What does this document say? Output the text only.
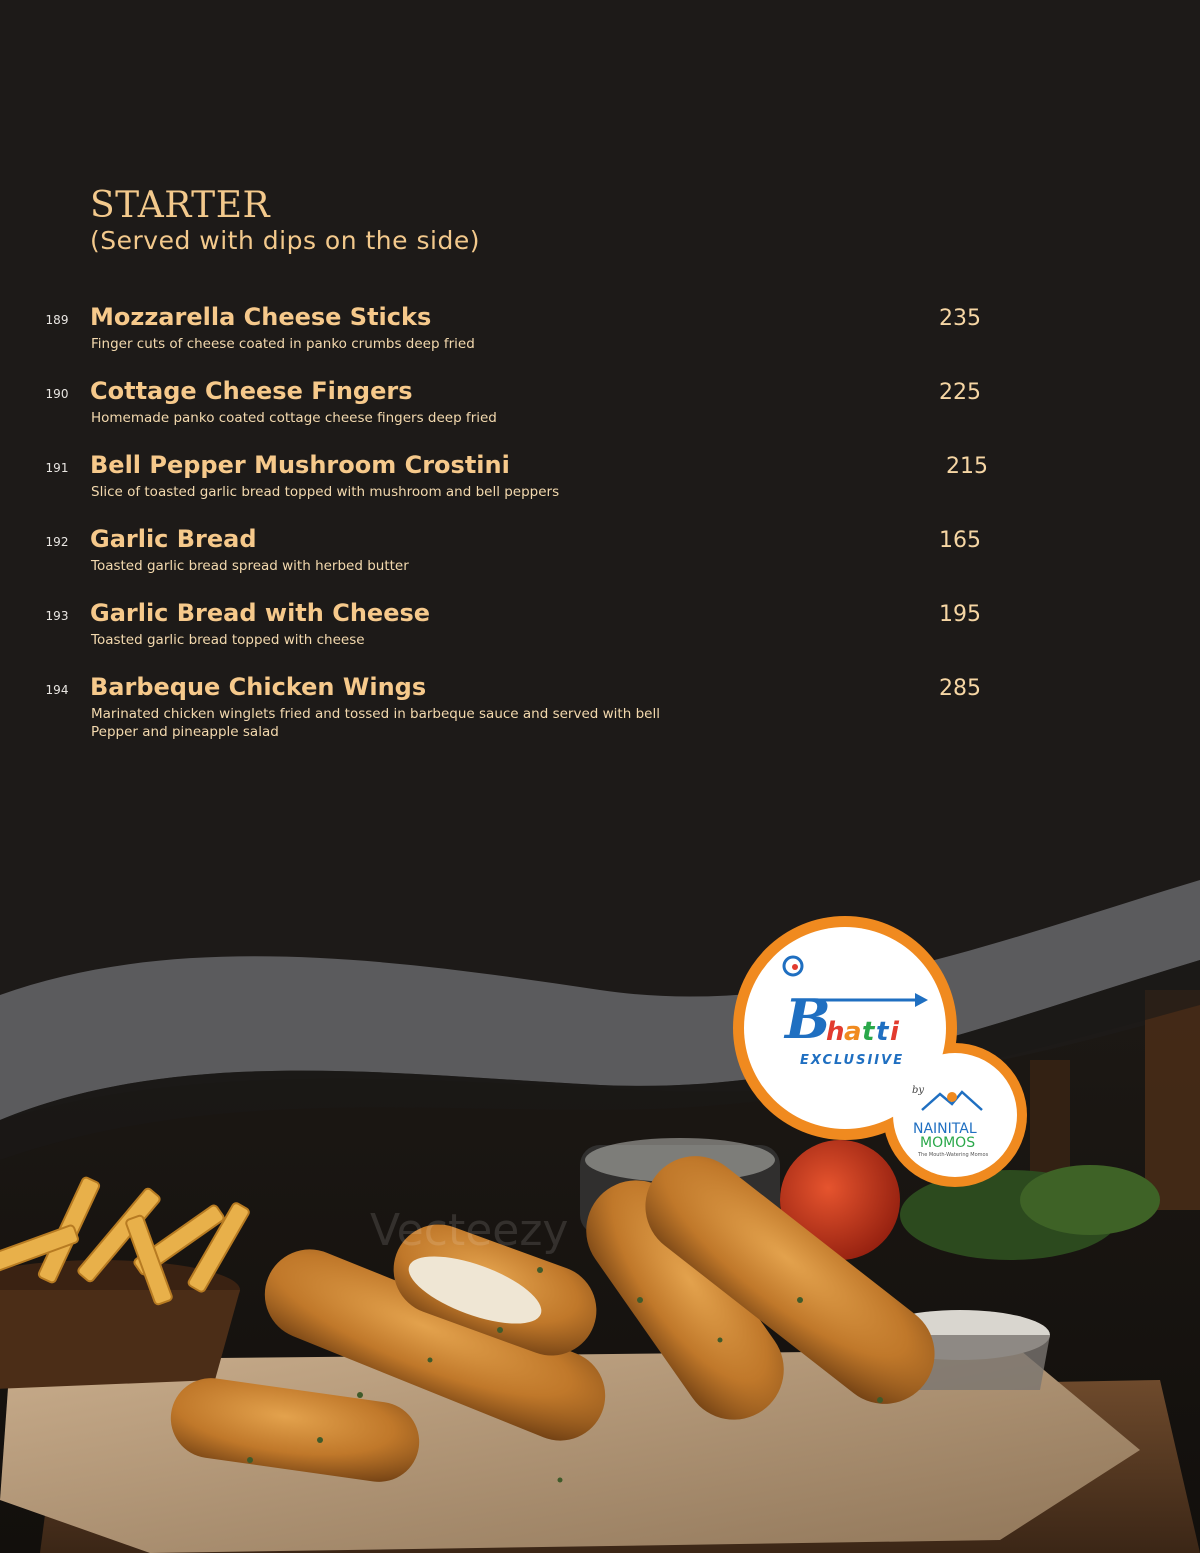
STARTER
(Served with dips on the side)
189 Mozzarella Cheese Sticks
Finger cuts of cheese coated in panko crumbs deep fried
235
190 Cottage Cheese Fingers
Homemade panko coated cottage cheese fingers deep fried
225
191 Bell Pepper Mushroom Crostini
Slice of toasted garlic bread topped with mushroom and bell peppers
215
192 Garlic Bread
Toasted garlic bread spread with herbed butter
165
193 Garlic Bread with Cheese
Toasted garlic bread topped with cheese
195
194 Barbeque Chicken Wings
Marinated chicken winglets fried and tossed in barbeque sauce and served with bell Pepper and pineapple salad
285
Vecteezy
B
h a t t i
EXCLUSIIVE
by
NAINITAL
MOMOS
The Mouth-Watering Momos
